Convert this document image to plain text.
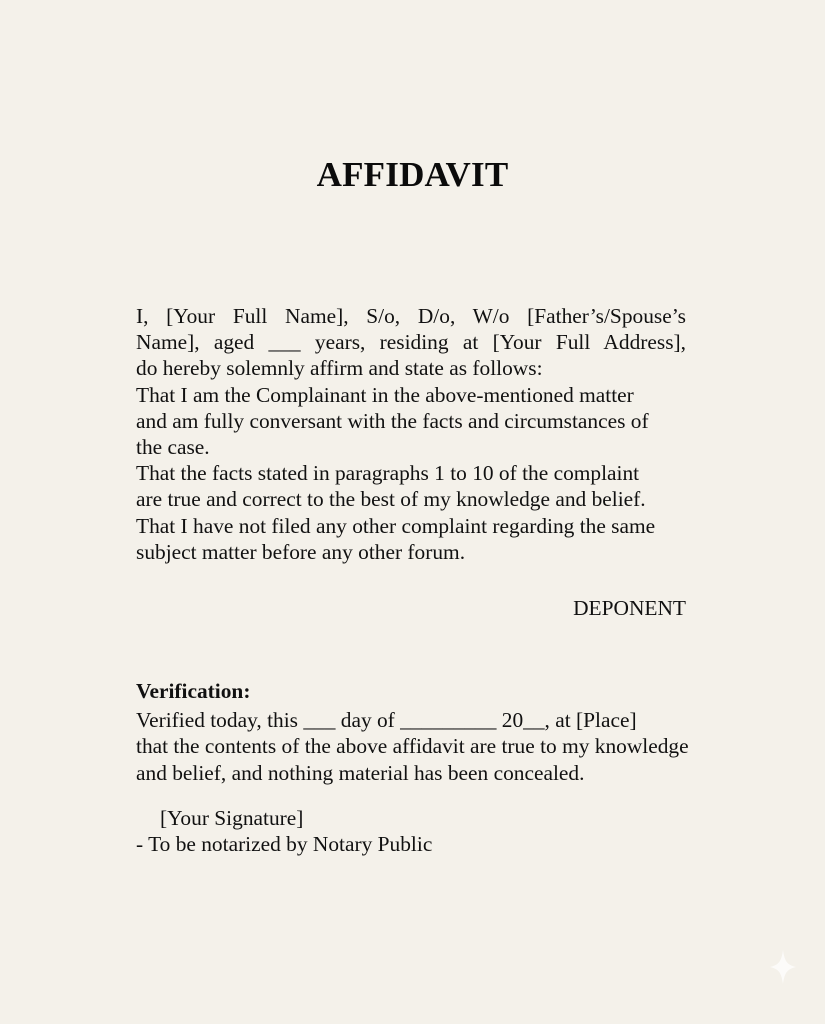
AFFIDAVIT
I, [Your Full Name], S/o, D/o, W/o [Father’s/Spouse’s
Name], aged ___ years, residing at [Your Full Address],
do hereby solemnly affirm and state as follows:
That I am the Complainant in the above-mentioned matter
and am fully conversant with the facts and circumstances of
the case.
That the facts stated in paragraphs 1 to 10 of the complaint
are true and correct to the best of my knowledge and belief.
That I have not filed any other complaint regarding the same
subject matter before any other forum.
DEPONENT
Verification:
Verified today, this ___ day of _________ 20__, at [Place]
that the contents of the above affidavit are true to my knowledge
and belief, and nothing material has been concealed.
[Your Signature]
- To be notarized by Notary Public
